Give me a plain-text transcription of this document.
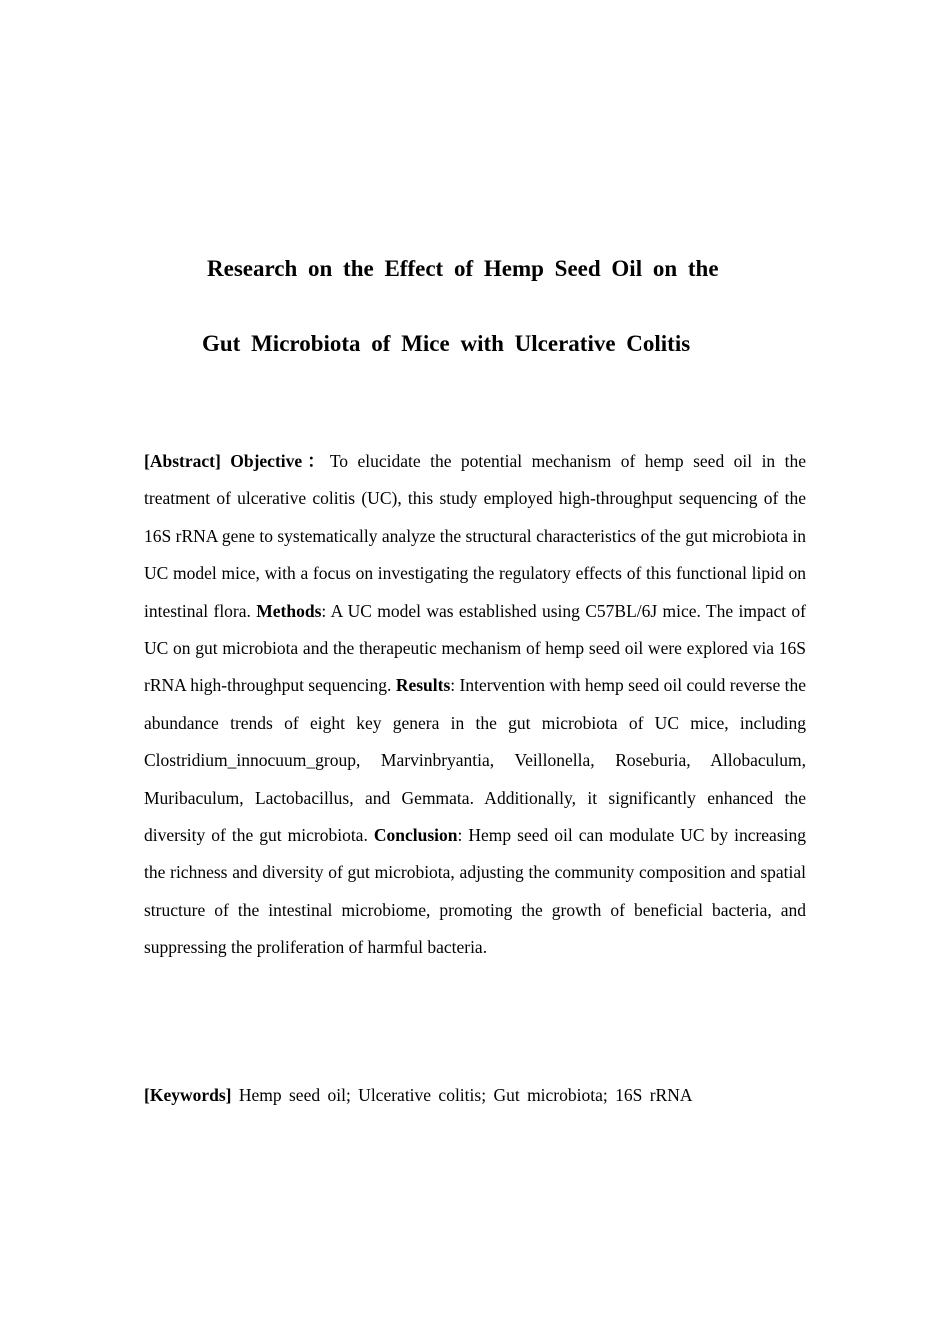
Research on the Effect of Hemp Seed Oil on the
Gut Microbiota of Mice with Ulcerative Colitis

[Abstract] Objective：To elucidate the potential mechanism of hemp seed oil in the treatment of ulcerative colitis (UC), this study employed high-throughput sequencing of the 16S rRNA gene to systematically analyze the structural characteristics of the gut microbiota in UC model mice, with a focus on investigating the regulatory effects of this functional lipid on intestinal flora. Methods: A UC model was established using C57BL/6J mice. The impact of UC on gut microbiota and the therapeutic mechanism of hemp seed oil were explored via 16S rRNA high-throughput sequencing. Results: Intervention with hemp seed oil could reverse the abundance trends of eight key genera in the gut microbiota of UC mice, including Clostridium_innocuum_group, Marvinbryantia, Veillonella, Roseburia, Allobaculum, Muribaculum, Lactobacillus, and Gemmata. Additionally, it significantly enhanced the diversity of the gut microbiota. Conclusion: Hemp seed oil can modulate UC by increasing the richness and diversity of gut microbiota, adjusting the community composition and spatial structure of the intestinal microbiome, promoting the growth of beneficial bacteria, and suppressing the proliferation of harmful bacteria.

[Keywords] Hemp seed oil; Ulcerative colitis; Gut microbiota; 16S rRNA
